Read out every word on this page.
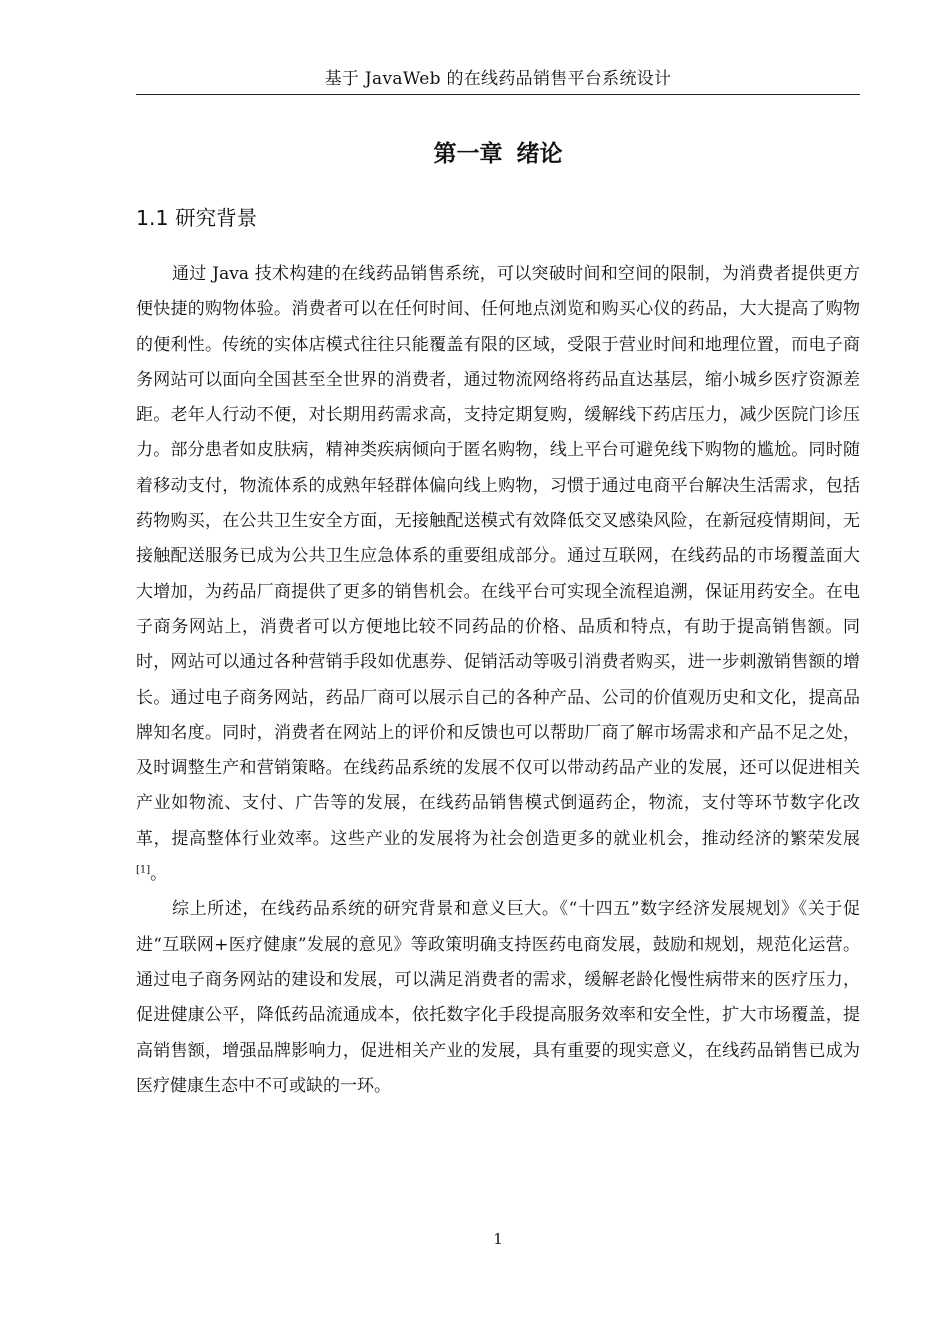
基于 JavaWeb 的在线药品销售平台系统设计
第一章 绪论
1.1 研究背景

通过 Java 技术构建的在线药品销售系统，可以突破时间和空间的限制，为消费者提供更方便快捷的购物体验。消费者可以在任何时间、任何地点浏览和购买心仪的药品，大大提高了购物的便利性。传统的实体店模式往往只能覆盖有限的区域，受限于营业时间和地理位置，而电子商务网站可以面向全国甚至全世界的消费者，通过物流网络将药品直达基层，缩小城乡医疗资源差距。老年人行动不便，对长期用药需求高，支持定期复购，缓解线下药店压力，减少医院门诊压力。部分患者如皮肤病，精神类疾病倾向于匿名购物，线上平台可避免线下购物的尴尬。同时随着移动支付，物流体系的成熟年轻群体偏向线上购物，习惯于通过电商平台解决生活需求，包括药物购买，在公共卫生安全方面，无接触配送模式有效降低交叉感染风险，在新冠疫情期间，无接触配送服务已成为公共卫生应急体系的重要组成部分。通过互联网，在线药品的市场覆盖面大大增加，为药品厂商提供了更多的销售机会。在线平台可实现全流程追溯，保证用药安全。在电子商务网站上，消费者可以方便地比较不同药品的价格、品质和特点，有助于提高销售额。同时，网站可以通过各种营销手段如优惠券、促销活动等吸引消费者购买，进一步刺激销售额的增长。通过电子商务网站，药品厂商可以展示自己的各种产品、公司的价值观历史和文化，提高品牌知名度。同时，消费者在网站上的评价和反馈也可以帮助厂商了解市场需求和产品不足之处，及时调整生产和营销策略。在线药品系统的发展不仅可以带动药品产业的发展，还可以促进相关产业如物流、支付、广告等的发展，在线药品销售模式倒逼药企，物流，支付等环节数字化改革，提高整体行业效率。这些产业的发展将为社会创造更多的就业机会，推动经济的繁荣发展[1]。

综上所述，在线药品系统的研究背景和意义巨大。《“十四五”数字经济发展规划》《关于促进“互联网+医疗健康”发展的意见》等政策明确支持医药电商发展，鼓励和规划，规范化运营。通过电子商务网站的建设和发展，可以满足消费者的需求，缓解老龄化慢性病带来的医疗压力，促进健康公平，降低药品流通成本，依托数字化手段提高服务效率和安全性，扩大市场覆盖，提高销售额，增强品牌影响力，促进相关产业的发展，具有重要的现实意义，在线药品销售已成为医疗健康生态中不可或缺的一环。

1
